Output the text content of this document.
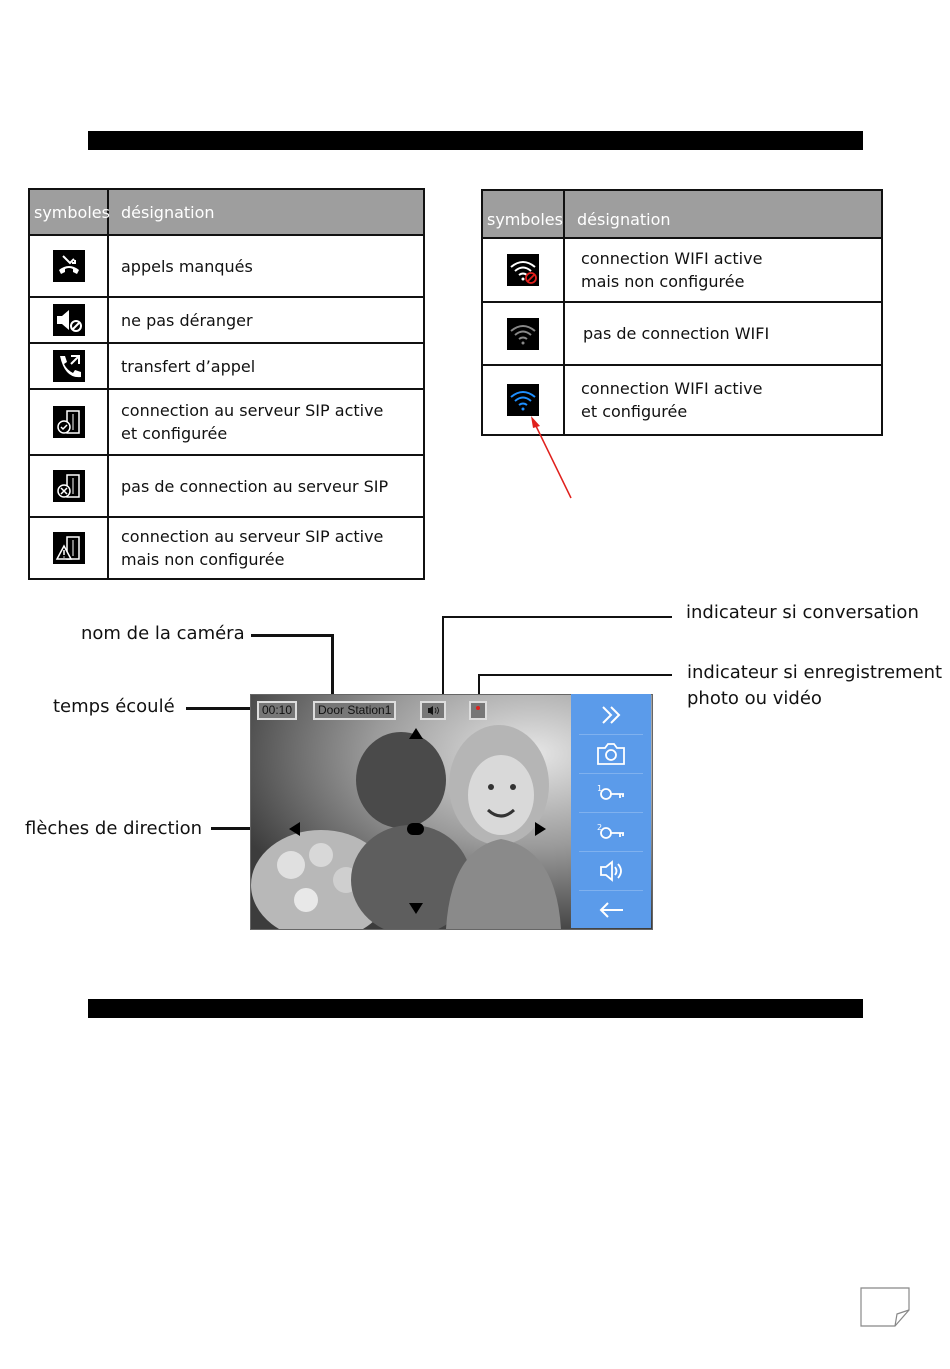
symboles	désignation

	appels manqués

	ne pas déranger

	transfert d’appel

	connection au serveur SIP active
et configurée

	pas de connection au serveur SIP

	connection au serveur SIP active
mais non configurée
symboles	désignation

	connection WIFI active
mais non configurée

	pas de connection WIFI

	connection WIFI active
et configurée
nom de la caméra
temps écoulé
flèches de direction
indicateur si conversation
indicateur si enregistrement
photo ou vidéo
00:10	Door Station1
1
2
